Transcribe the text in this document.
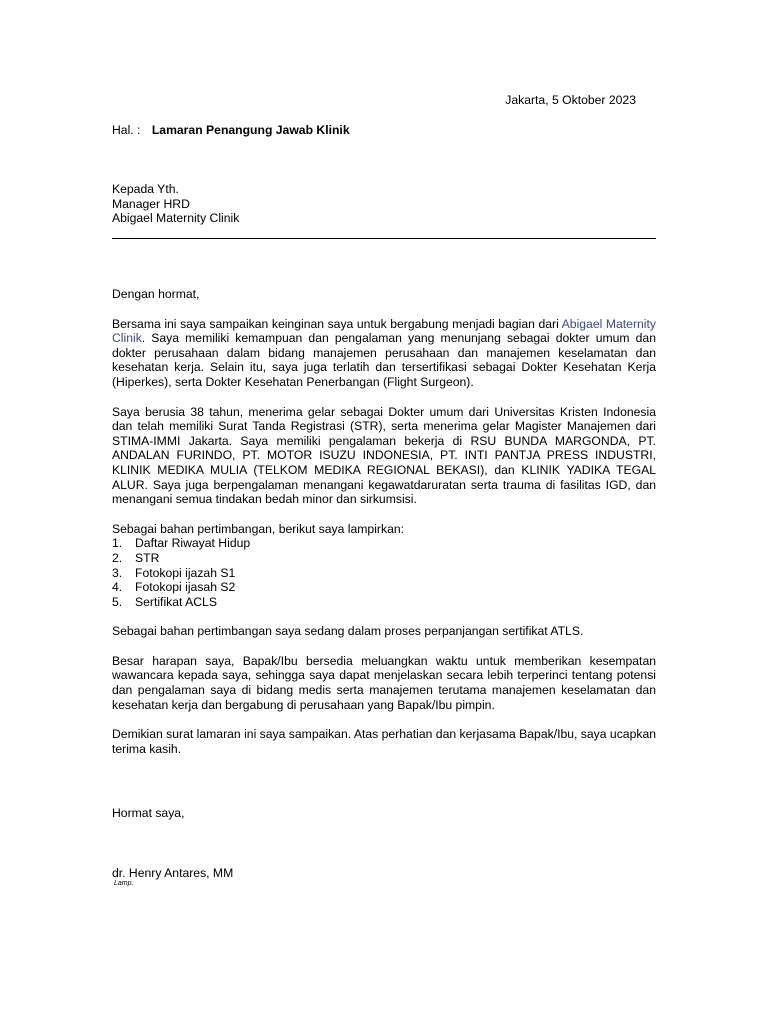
Jakarta, 5 Oktober 2023
Hal. : Lamaran Penangung Jawab Klinik
Kepada Yth.
Manager HRD
Abigael Maternity Clinik

Dengan hormat,

Bersama ini saya sampaikan keinginan saya untuk bergabung menjadi bagian dari Abigael Maternity Clinik. Saya memiliki kemampuan dan pengalaman yang menunjang sebagai dokter umum dan dokter perusahaan dalam bidang manajemen perusahaan dan manajemen keselamatan dan kesehatan kerja. Selain itu, saya juga terlatih dan tersertifikasi sebagai Dokter Kesehatan Kerja (Hiperkes), serta Dokter Kesehatan Penerbangan (Flight Surgeon).

Saya berusia 38 tahun, menerima gelar sebagai Dokter umum dari Universitas Kristen Indonesia dan telah memiliki Surat Tanda Registrasi (STR), serta menerima gelar Magister Manajemen dari STIMA-IMMI Jakarta. Saya memiliki pengalaman bekerja di RSU BUNDA MARGONDA, PT. ANDALAN FURINDO, PT. MOTOR ISUZU INDONESIA, PT. INTI PANTJA PRESS INDUSTRI, KLINIK MEDIKA MULIA (TELKOM MEDIKA REGIONAL BEKASI), dan KLINIK YADIKA TEGAL ALUR. Saya juga berpengalaman menangani kegawatdaruratan serta trauma di fasilitas IGD, dan menangani semua tindakan bedah minor dan sirkumsisi.

Sebagai bahan pertimbangan, berikut saya lampirkan:

1.	Daftar Riwayat Hidup
2.	STR
3.	Fotokopi ijazah S1
4.	Fotokopi ijasah S2
5.	Sertifikat ACLS

Sebagai bahan pertimbangan saya sedang dalam proses perpanjangan sertifikat ATLS.

Besar harapan saya, Bapak/Ibu bersedia meluangkan waktu untuk memberikan kesempatan wawancara kepada saya, sehingga saya dapat menjelaskan secara lebih terperinci tentang potensi dan pengalaman saya di bidang medis serta manajemen terutama manajemen keselamatan dan kesehatan kerja dan bergabung di perusahaan yang Bapak/Ibu pimpin.

Demikian surat lamaran ini saya sampaikan. Atas perhatian dan kerjasama Bapak/Ibu, saya ucapkan terima kasih.

Hormat saya,
dr. Henry Antares, MM
Lamp.
